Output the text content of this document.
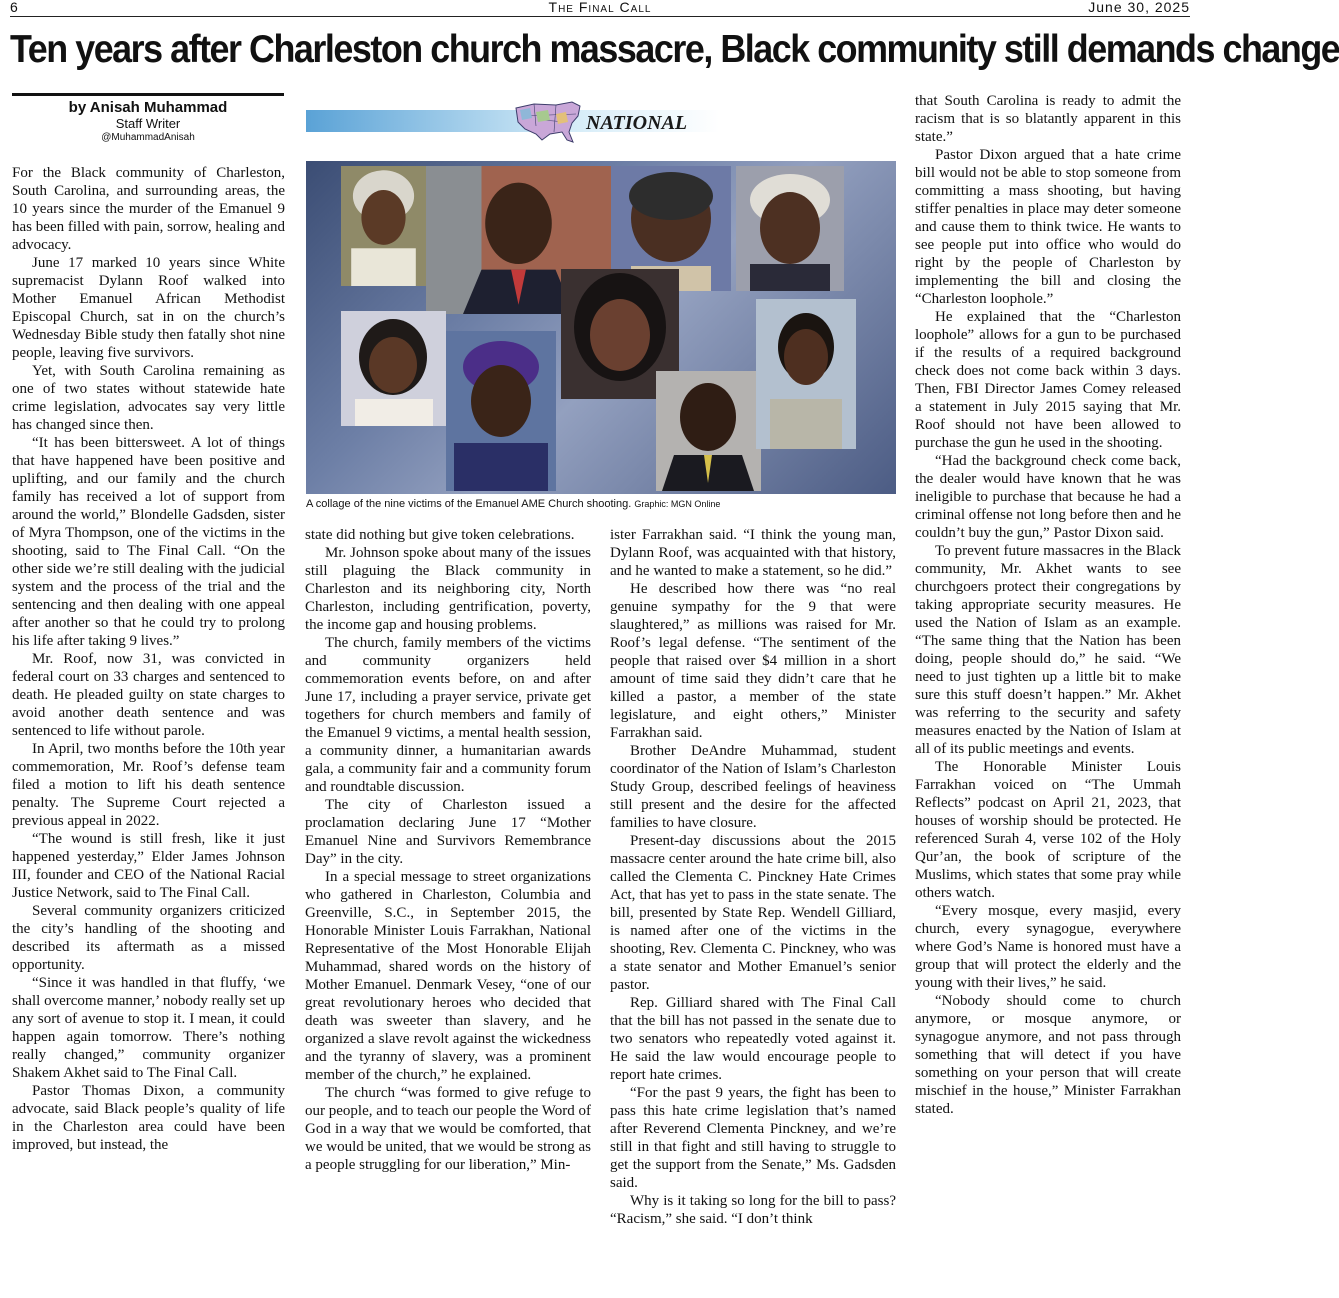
6	The Final Call	June 30, 2025
Ten years after Charleston church massacre, Black community still demands change
by Anisah Muhammad
Staff Writer
@MuhammadAnisah

For the Black community of Charleston, South Carolina, and surrounding areas, the 10 years since the murder of the Emanuel 9 has been filled with pain, sorrow, healing and advocacy.

June 17 marked 10 years since White supremacist Dylann Roof walked into Mother Emanuel African Methodist Episcopal Church, sat in on the church’s Wednesday Bible study then fatally shot nine people, leaving five survivors.

Yet, with South Carolina remaining as one of two states without statewide hate crime legislation, advocates say very little has changed since then.

“It has been bittersweet. A lot of things that have happened have been positive and uplifting, and our family and the church family has received a lot of support from around the world,” Blondelle Gadsden, sister of Myra Thompson, one of the victims in the shooting, said to The Final Call. “On the other side we’re still dealing with the judicial system and the process of the trial and the sentencing and then dealing with one appeal after another so that he could try to prolong his life after taking 9 lives.”

Mr. Roof, now 31, was convicted in federal court on 33 charges and sentenced to death. He pleaded guilty on state charges to avoid another death sentence and was sentenced to life without parole.

In April, two months before the 10th year commemoration, Mr. Roof’s defense team filed a motion to lift his death sentence penalty. The Supreme Court rejected a previous appeal in 2022.

“The wound is still fresh, like it just happened yesterday,” Elder James Johnson III, founder and CEO of the National Racial Justice Network, said to The Final Call.

Several community organizers criticized the city’s handling of the shooting and described its aftermath as a missed opportunity.

“Since it was handled in that fluffy, ‘we shall overcome manner,’ nobody really set up any sort of avenue to stop it. I mean, it could happen again tomorrow. There’s nothing really changed,” community organizer Shakem Akhet said to The Final Call.

Pastor Thomas Dixon, a community advocate, said Black people’s quality of life in the Charleston area could have been improved, but instead, the

NATIONAL
A collage of the nine victims of the Emanuel AME Church shooting. Graphic: MGN Online

state did nothing but give token celebrations.

Mr. Johnson spoke about many of the issues still plaguing the Black community in Charleston and its neighboring city, North Charleston, including gentrification, poverty, the income gap and housing problems.

The church, family members of the victims and community organizers held commemoration events before, on and after June 17, including a prayer service, private get togethers for church members and family of the Emanuel 9 victims, a mental health session, a community dinner, a humanitarian awards gala, a community fair and a community forum and roundtable discussion.

The city of Charleston issued a proclamation declaring June 17 “Mother Emanuel Nine and Survivors Remembrance Day” in the city.

In a special message to street organizations who gathered in Charleston, Columbia and Greenville, S.C., in September 2015, the Honorable Minister Louis Farrakhan, National Representative of the Most Honorable Elijah Muhammad, shared words on the history of Mother Emanuel. Denmark Vesey, “one of our great revolutionary heroes who decided that death was sweeter than slavery, and he organized a slave revolt against the wickedness and the tyranny of slavery, was a prominent member of the church,” he explained.

The church “was formed to give refuge to our people, and to teach our people the Word of God in a way that we would be comforted, that we would be united, that we would be strong as a people struggling for our liberation,” Min-

ister Farrakhan said. “I think the young man, Dylann Roof, was acquainted with that history, and he wanted to make a statement, so he did.”

He described how there was “no real genuine sympathy for the 9 that were slaughtered,” as millions was raised for Mr. Roof’s legal defense. “The sentiment of the people that raised over $4 million in a short amount of time said they didn’t care that he killed a pastor, a member of the state legislature, and eight others,” Minister Farrakhan said.

Brother DeAndre Muhammad, student coordinator of the Nation of Islam’s Charleston Study Group, described feelings of heaviness still present and the desire for the affected families to have closure.

Present-day discussions about the 2015 massacre center around the hate crime bill, also called the Clementa C. Pinckney Hate Crimes Act, that has yet to pass in the state senate. The bill, presented by State Rep. Wendell Gilliard, is named after one of the victims in the shooting, Rev. Clementa C. Pinckney, who was a state senator and Mother Emanuel’s senior pastor.

Rep. Gilliard shared with The Final Call that the bill has not passed in the senate due to two senators who repeatedly voted against it. He said the law would encourage people to report hate crimes.

“For the past 9 years, the fight has been to pass this hate crime legislation that’s named after Reverend Clementa Pinckney, and we’re still in that fight and still having to struggle to get the support from the Senate,” Ms. Gadsden said.

Why is it taking so long for the bill to pass? “Racism,” she said. “I don’t think

that South Carolina is ready to admit the racism that is so blatantly apparent in this state.”

Pastor Dixon argued that a hate crime bill would not be able to stop someone from committing a mass shooting, but having stiffer penalties in place may deter someone and cause them to think twice. He wants to see people put into office who would do right by the people of Charleston by implementing the bill and closing the “Charleston loophole.”

He explained that the “Charleston loophole” allows for a gun to be purchased if the results of a required background check does not come back within 3 days. Then, FBI Director James Comey released a statement in July 2015 saying that Mr. Roof should not have been allowed to purchase the gun he used in the shooting.

“Had the background check come back, the dealer would have known that he was ineligible to purchase that because he had a criminal offense not long before then and he couldn’t buy the gun,” Pastor Dixon said.

To prevent future massacres in the Black community, Mr. Akhet wants to see churchgoers protect their congregations by taking appropriate security measures. He used the Nation of Islam as an example. “The same thing that the Nation has been doing, people should do,” he said. “We need to just tighten up a little bit to make sure this stuff doesn’t happen.” Mr. Akhet was referring to the security and safety measures enacted by the Nation of Islam at all of its public meetings and events.

The Honorable Minister Louis Farrakhan voiced on “The Ummah Reflects” podcast on April 21, 2023, that houses of worship should be protected. He referenced Surah 4, verse 102 of the Holy Qur’an, the book of scripture of the Muslims, which states that some pray while others watch.

“Every mosque, every masjid, every church, every synagogue, everywhere where God’s Name is honored must have a group that will protect the elderly and the young with their lives,” he said.

“Nobody should come to church anymore, or mosque anymore, or synagogue anymore, and not pass through something that will detect if you have something on your person that will create mischief in the house,” Minister Farrakhan stated.
